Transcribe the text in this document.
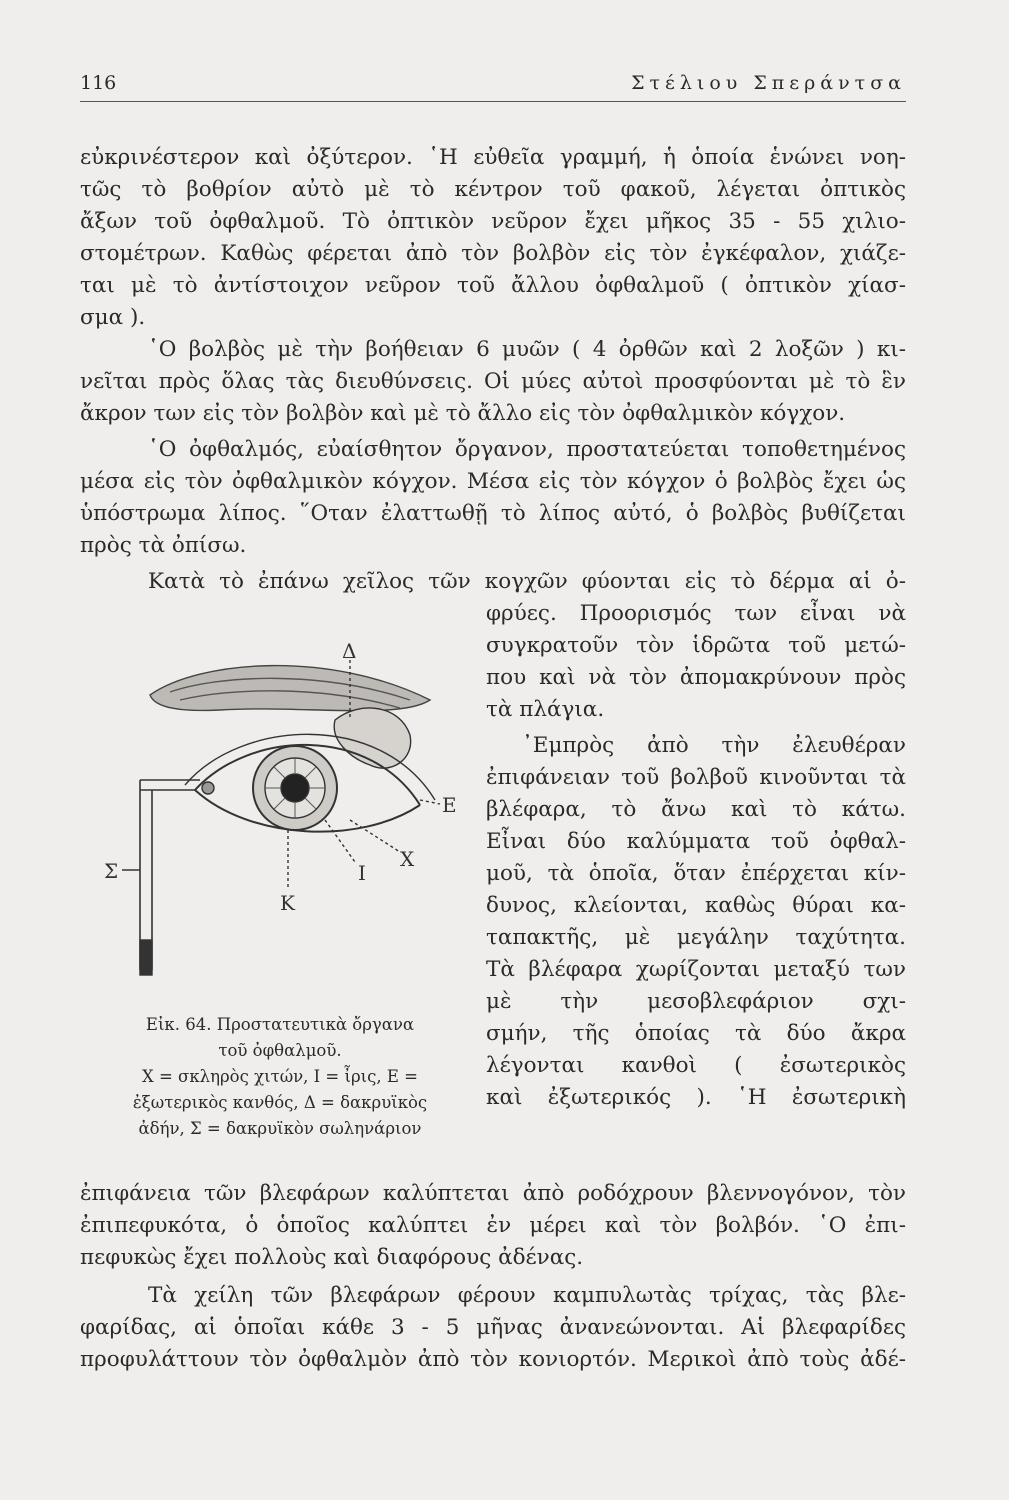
116	Στέλιου Σπεράντσα
εὐκρινέστερον καὶ ὀξύτερον. ῾Η εὐθεῖα γραμμή, ἡ ὁποία ἑνώνει νοη-
τῶς τὸ βοθρίον αὐτὸ μὲ τὸ κέντρον τοῦ φακοῦ, λέγεται ὀπτικὸς
ἄξων τοῦ ὀφθαλμοῦ. Τὸ ὀπτικὸν νεῦρον ἔχει μῆκος 35 - 55 χιλιο-
στομέτρων. Καθὼς φέρεται ἀπὸ τὸν βολβὸν εἰς τὸν ἐγκέφαλον, χιάζε-
ται μὲ τὸ ἀντίστοιχον νεῦρον τοῦ ἄλλου ὀφθαλμοῦ ( ὀπτικὸν χίασ-
σμα ).
῾Ο βολβὸς μὲ τὴν βοήθειαν 6 μυῶν ( 4 ὀρθῶν καὶ 2 λοξῶν ) κι-
νεῖται πρὸς ὅλας τὰς διευθύνσεις. Οἱ μύες αὐτοὶ προσφύονται μὲ τὸ ἓν
ἄκρον των εἰς τὸν βολβὸν καὶ μὲ τὸ ἄλλο εἰς τὸν ὀφθαλμικὸν κόγχον.
῾Ο ὀφθαλμός, εὐαίσθητον ὄργανον, προστατεύεται τοποθετημένος
μέσα εἰς τὸν ὀφθαλμικὸν κόγχον. Μέσα εἰς τὸν κόγχον ὁ βολβὸς ἔχει ὡς
ὑπόστρωμα λίπος. ῞Οταν ἐλαττωθῇ τὸ λίπος αὐτό, ὁ βολβὸς βυθίζεται
πρὸς τὰ ὀπίσω.
Κατὰ τὸ ἐπάνω χεῖλος τῶν κογχῶν φύονται εἰς τὸ δέρμα αἱ ὀ-
φρύες. Προορισμός των εἶναι νὰ
συγκρατοῦν τὸν ἱδρῶτα τοῦ μετώ-
που καὶ νὰ τὸν ἀπομακρύνουν πρὸς
τὰ πλάγια.
᾿Εμπρὸς ἀπὸ τὴν ἐλευθέραν
ἐπιφάνειαν τοῦ βολβοῦ κινοῦνται τὰ
βλέφαρα, τὸ ἄνω καὶ τὸ κάτω.
Εἶναι δύο καλύμματα τοῦ ὀφθαλ-
μοῦ, τὰ ὁποῖα, ὅταν ἐπέρχεται κίν-
δυνος, κλείονται, καθὼς θύραι κα-
ταπακτῆς, μὲ μεγάλην ταχύτητα.
Τὰ βλέφαρα χωρίζονται μεταξύ των
μὲ τὴν μεσοβλεφάριον σχι-
σμήν, τῆς ὁποίας τὰ δύο ἄκρα
λέγονται κανθοὶ ( ἐσωτερικὸς
καὶ ἐξωτερικός ). ῾Η ἐσωτερικὴ
Δ
Ε
Χ
Ι
Κ
Σ
Εἰκ. 64. Προστατευτικὰ ὄργανα
τοῦ ὀφθαλμοῦ.
Χ = σκληρὸς χιτών, Ι = ἶρις, Ε =
ἐξωτερικὸς κανθός, Δ = δακρυϊκὸς
ἀδήν, Σ = δακρυϊκὸν σωληνάριον
ἐπιφάνεια τῶν βλεφάρων καλύπτεται ἀπὸ ροδόχρουν βλεννογόνον, τὸν
ἐπιπεφυκότα, ὁ ὁποῖος καλύπτει ἐν μέρει καὶ τὸν βολβόν. ῾Ο ἐπι-
πεφυκὼς ἔχει πολλοὺς καὶ διαφόρους ἀδένας.
Τὰ χείλη τῶν βλεφάρων φέρουν καμπυλωτὰς τρίχας, τὰς βλε-
φαρίδας, αἱ ὁποῖαι κάθε 3 - 5 μῆνας ἀνανεώνονται. Αἱ βλεφαρίδες
προφυλάττουν τὸν ὀφθαλμὸν ἀπὸ τὸν κονιορτόν. Μερικοὶ ἀπὸ τοὺς ἀδέ-
